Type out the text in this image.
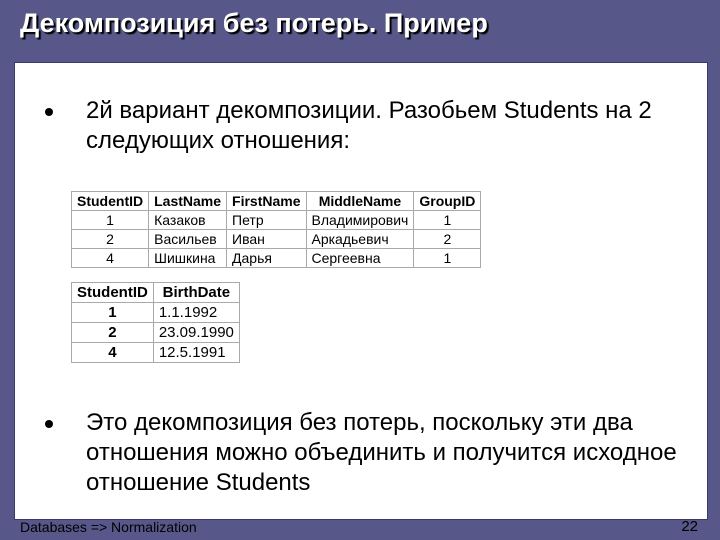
Декомпозиция без потерь. Пример
2й вариант декомпозиции. Разобьем Students на 2 следующих отношения:
StudentID	LastName	FirstName	MiddleName	GroupID
1	Казаков	Петр	Владимирович	1
2	Васильев	Иван	Аркадьевич	2
4	Шишкина	Дарья	Сергеевна	1
StudentID	BirthDate
1	1.1.1992
2	23.09.1990
4	12.5.1991
Это декомпозиция без потерь, поскольку эти два отношения можно объединить и получится исходное отношение Students
Databases => Normalization	22
